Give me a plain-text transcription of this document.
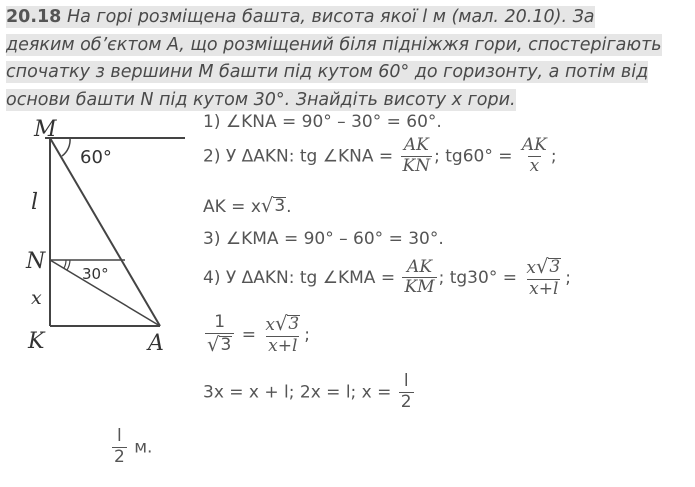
20.18 На горі розміщена башта, висота якої l м (мал. 20.10). За
деяким об’єктом A, що розміщений біля підніжжя гори, спостерігають
спочатку з вершини M башти під кутом 60° до горизонту, а потім від
основи башти N під кутом 30°. Знайдіть висоту x гори.
M
N
K	A
l
x
60°
30°
1) ∠KNA = 90° – 30° = 60°.
2) У ΔAKN: tg ∠KNA = $\frac{AK}{KN}$ ; $tg60^\circ = \frac{AK}{x}$ ;
AK = x √ 3 .
3) ∠KMA = 90° – 60° = 30°.
4) У ΔAKN: tg ∠KMA = $\frac{AK}{KM}$ ; $tg30^\circ = \frac{x √ 3}{x+l}$ ;
$\frac{1}{√ 3} = \frac{x √ 3}{x+l}$ ;
3x = x + l; 2x = l; $x = \frac{l}{2}$
$\frac{l}{2} м$.
